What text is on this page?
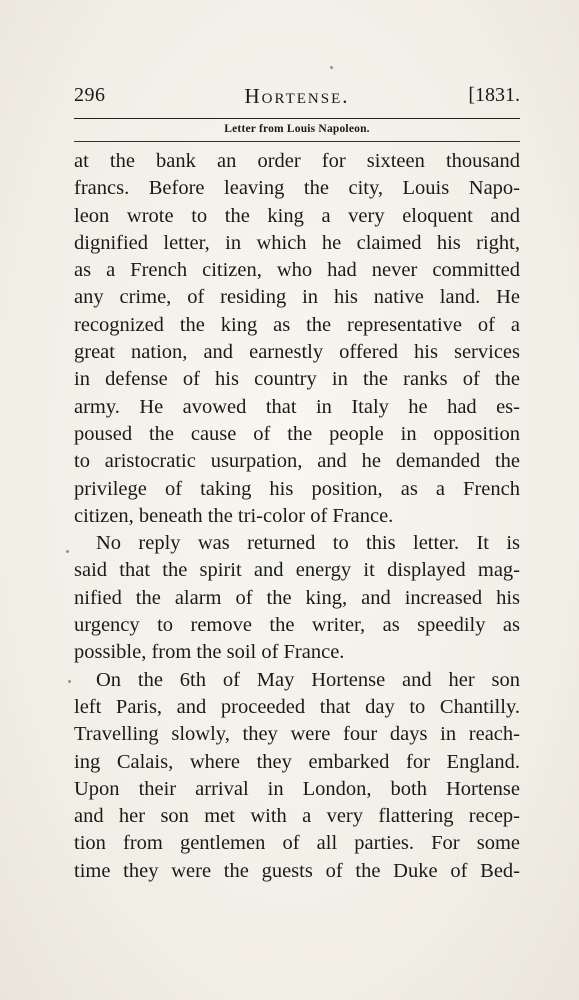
296	Hortense.	[1831.
Letter from Louis Napoleon.
at the bank an order for sixteen thousand
francs. Before leaving the city, Louis Napo-
leon wrote to the king a very eloquent and
dignified letter, in which he claimed his right,
as a French citizen, who had never committed
any crime, of residing in his native land. He
recognized the king as the representative of a
great nation, and earnestly offered his services
in defense of his country in the ranks of the
army. He avowed that in Italy he had es-
poused the cause of the people in opposition
to aristocratic usurpation, and he demanded the
privilege of taking his position, as a French
citizen, beneath the tri-color of France.
No reply was returned to this letter. It is
said that the spirit and energy it displayed mag-
nified the alarm of the king, and increased his
urgency to remove the writer, as speedily as
possible, from the soil of France.
On the 6th of May Hortense and her son
left Paris, and proceeded that day to Chantilly.
Travelling slowly, they were four days in reach-
ing Calais, where they embarked for England.
Upon their arrival in London, both Hortense
and her son met with a very flattering recep-
tion from gentlemen of all parties. For some
time they were the guests of the Duke of Bed-
